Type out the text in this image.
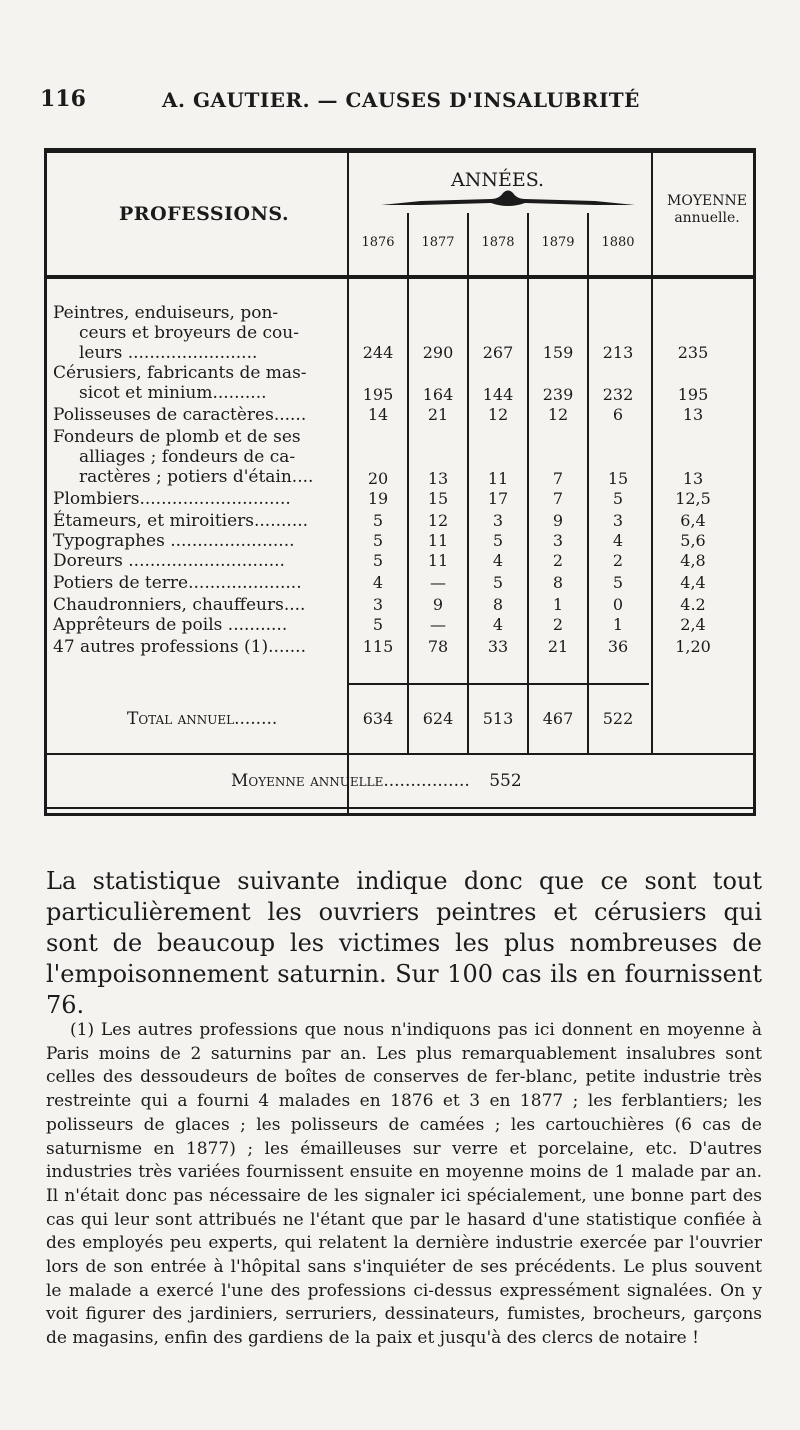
116	A. GAUTIER. — CAUSES D'INSALUBRITÉ
PROFESSIONS.
ANNÉES.
MOYENNE
annuelle.
1876	1877	1878	1879	1880
Peintres, enduiseurs, pon-
ceurs et broyeurs de cou-
leurs ........................	244	290	267	159	213	235
Cérusiers, fabricants de mas-
sicot et minium..........	195	164	144	239	232	195
Polisseuses de caractères......	14	21	12	12	6	13
Fondeurs de plomb et de ses
alliages ; fondeurs de ca-
ractères ; potiers d'étain....	20	13	11	7	15	13
Plombiers............................	19	15	17	7	5	12,5
Étameurs, et miroitiers..........	5	12	3	9	3	6,4
Typographes .......................	5	11	5	3	4	5,6
Doreurs .............................	5	11	4	2	2	4,8
Potiers de terre.....................	4	—	5	8	5	4,4
Chaudronniers, chauffeurs....	3	9	8	1	0	4.2
Apprêteurs de poils ...........	5	—	4	2	1	2,4
47 autres professions (1).......	115	78	33	21	36	1,20
Total annuel........	634	624	513	467	522
Moyenne annuelle................ 552

La statistique suivante indique donc que ce sont tout particulièrement les ouvriers peintres et cérusiers qui sont de beaucoup les victimes les plus nombreuses de l'empoisonnement saturnin. Sur 100 cas ils en fournissent 76.

(1) Les autres professions que nous n'indiquons pas ici donnent en moyenne à Paris moins de 2 saturnins par an. Les plus remarquablement insalubres sont celles des dessoudeurs de boîtes de conserves de fer-blanc, petite industrie très restreinte qui a fourni 4 malades en 1876 et 3 en 1877 ; les ferblantiers; les polisseurs de glaces ; les polisseurs de camées ; les cartouchières (6 cas de saturnisme en 1877) ; les émailleuses sur verre et porcelaine, etc. D'autres industries très variées fournissent ensuite en moyenne moins de 1 malade par an. Il n'était donc pas nécessaire de les signaler ici spécialement, une bonne part des cas qui leur sont attribués ne l'étant que par le hasard d'une statistique confiée à des employés peu experts, qui relatent la dernière industrie exercée par l'ouvrier lors de son entrée à l'hôpital sans s'inquiéter de ses précédents. Le plus souvent le malade a exercé l'une des professions ci-dessus expressément signalées. On y voit figurer des jardiniers, serruriers, dessinateurs, fumistes, brocheurs, garçons de magasins, enfin des gardiens de la paix et jusqu'à des clercs de notaire !
